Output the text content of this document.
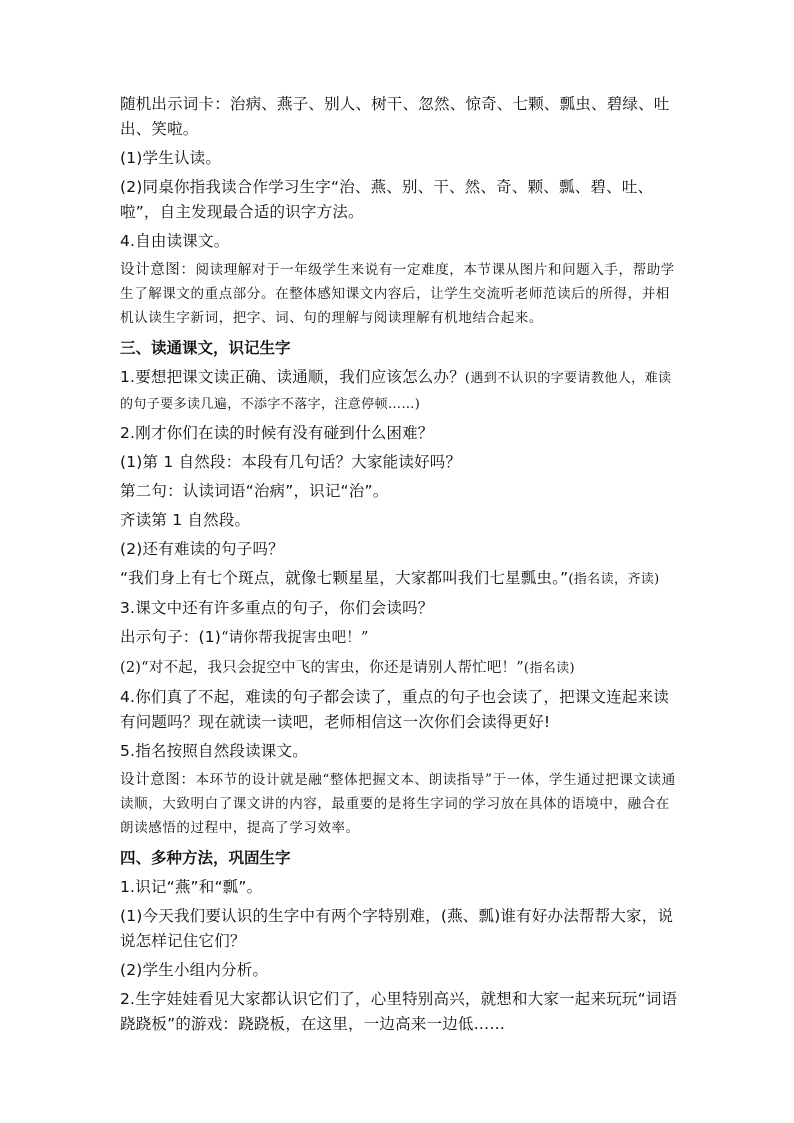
随机出示词卡：治病、燕子、别人、树干、忽然、惊奇、七颗、瓢虫、碧绿、吐出、笑啦。

(1)学生认读。

(2)同桌你指我读合作学习生字“治、燕、别、干、然、奇、颗、瓢、碧、吐、啦”，自主发现最合适的识字方法。

4.自由读课文。

设计意图：阅读理解对于一年级学生来说有一定难度，本节课从图片和问题入手，帮助学生了解课文的重点部分。在整体感知课文内容后，让学生交流听老师范读后的所得，并相机认读生字新词，把字、词、句的理解与阅读理解有机地结合起来。

三、读通课文，识记生字

1.要想把课文读正确、读通顺，我们应该怎么办？(遇到不认识的字要请教他人，难读的句子要多读几遍，不添字不落字，注意停顿……)

2.刚才你们在读的时候有没有碰到什么困难？

(1)第 1 自然段：本段有几句话？大家能读好吗？

第二句：认读词语“治病”，识记“治”。

齐读第 1 自然段。

(2)还有难读的句子吗？

“我们身上有七个斑点，就像七颗星星，大家都叫我们七星瓢虫。”(指名读，齐读)

3.课文中还有许多重点的句子，你们会读吗？

出示句子：(1)“请你帮我捉害虫吧！”

(2)“对不起，我只会捉空中飞的害虫，你还是请别人帮忙吧！”(指名读)

4.你们真了不起，难读的句子都会读了，重点的句子也会读了，把课文连起来读有问题吗？现在就读一读吧，老师相信这一次你们会读得更好!

5.指名按照自然段读课文。

设计意图：本环节的设计就是融“整体把握文本、朗读指导”于一体，学生通过把课文读通读顺，大致明白了课文讲的内容，最重要的是将生字词的学习放在具体的语境中，融合在朗读感悟的过程中，提高了学习效率。

四、多种方法，巩固生字

1.识记“燕”和“瓢”。

(1)今天我们要认识的生字中有两个字特别难，(燕、瓢)谁有好办法帮帮大家，说说怎样记住它们？

(2)学生小组内分析。

2.生字娃娃看见大家都认识它们了，心里特别高兴，就想和大家一起来玩玩“词语跷跷板”的游戏：跷跷板，在这里，一边高来一边低……
